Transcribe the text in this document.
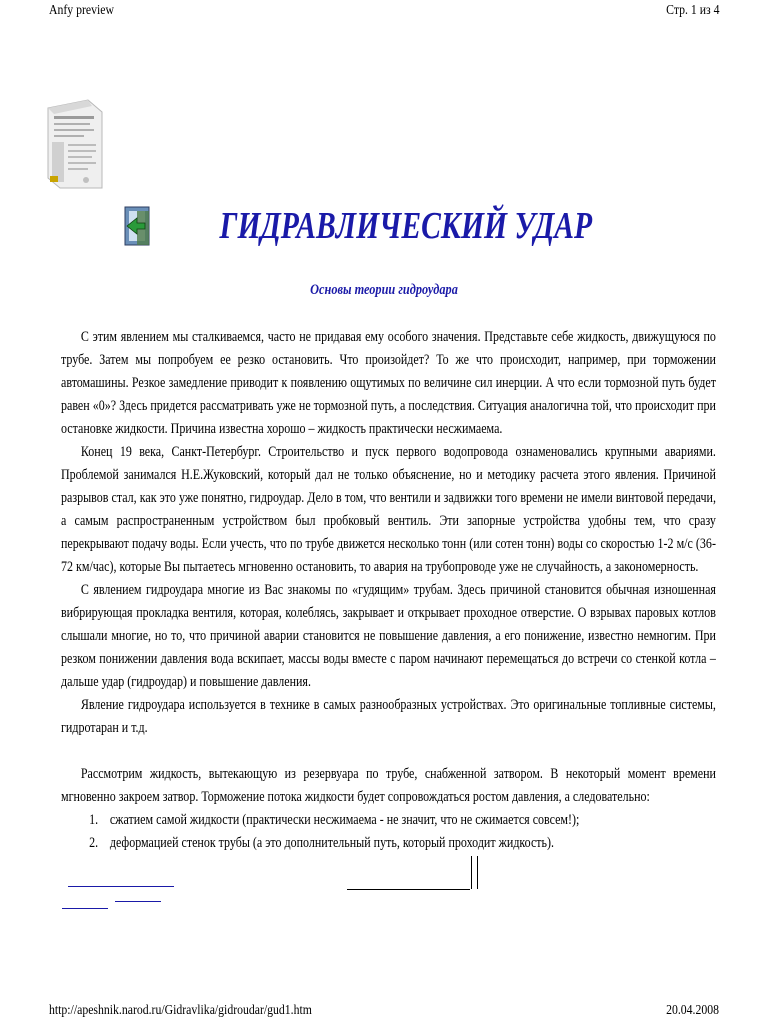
Anfy preview	Стр. 1 из 4
ГИДРАВЛИЧЕСКИЙ УДАР
Основы теории гидроудара

С этим явлением мы сталкиваемся, часто не придавая ему особого значения. Представьте себе жидкость, движущуюся по трубе. Затем мы попробуем ее резко остановить. Что произойдет? То же что происходит, например, при торможении автомашины. Резкое замедление приводит к появлению ощутимых по величине сил инерции. А что если тормозной путь будет равен «0»? Здесь придется рассматривать уже не тормозной путь, а последствия. Ситуация аналогична той, что происходит при остановке жидкости. Причина известна хорошо – жидкость практически несжимаема.

Конец 19 века, Санкт-Петербург. Строительство и пуск первого водопровода ознаменовались крупными авариями. Проблемой занимался Н.Е.Жуковский, который дал не только объяснение, но и методику расчета этого явления. Причиной разрывов стал, как это уже понятно, гидроудар. Дело в том, что вентили и задвижки того времени не имели винтовой передачи, а самым распространенным устройством был пробковый вентиль. Эти запорные устройства удобны тем, что сразу перекрывают подачу воды. Если учесть, что по трубе движется несколько тонн (или сотен тонн) воды со скоростью 1-2 м/с (36-72 км/час), которые Вы пытаетесь мгновенно остановить, то авария на трубопроводе уже не случайность, а закономерность.

С явлением гидроудара многие из Вас знакомы по «гудящим» трубам. Здесь причиной становится обычная изношенная вибрирующая прокладка вентиля, которая, колеблясь, закрывает и открывает проходное отверстие. О взрывах паровых котлов слышали многие, но то, что причиной аварии становится не повышение давления, а его понижение, известно немногим. При резком понижении давления вода вскипает, массы воды вместе с паром начинают перемещаться до встречи со стенкой котла – дальше удар (гидроудар) и повышение давления.

Явление гидроудара используется в технике в самых разнообразных устройствах. Это оригинальные топливные системы, гидротаран и т.д.

Рассмотрим жидкость, вытекающую из резервуара по трубе, снабженной затвором. В некоторый момент времени мгновенно закроем затвор. Торможение потока жидкости будет сопровождаться ростом давления, а следовательно:

1. сжатием самой жидкости (практически несжимаема - не значит, что не сжимается совсем!);
2. деформацией стенок трубы (а это дополнительный путь, который проходит жидкость).
http://apeshnik.narod.ru/Gidravlika/gidroudar/gud1.htm	20.04.2008
